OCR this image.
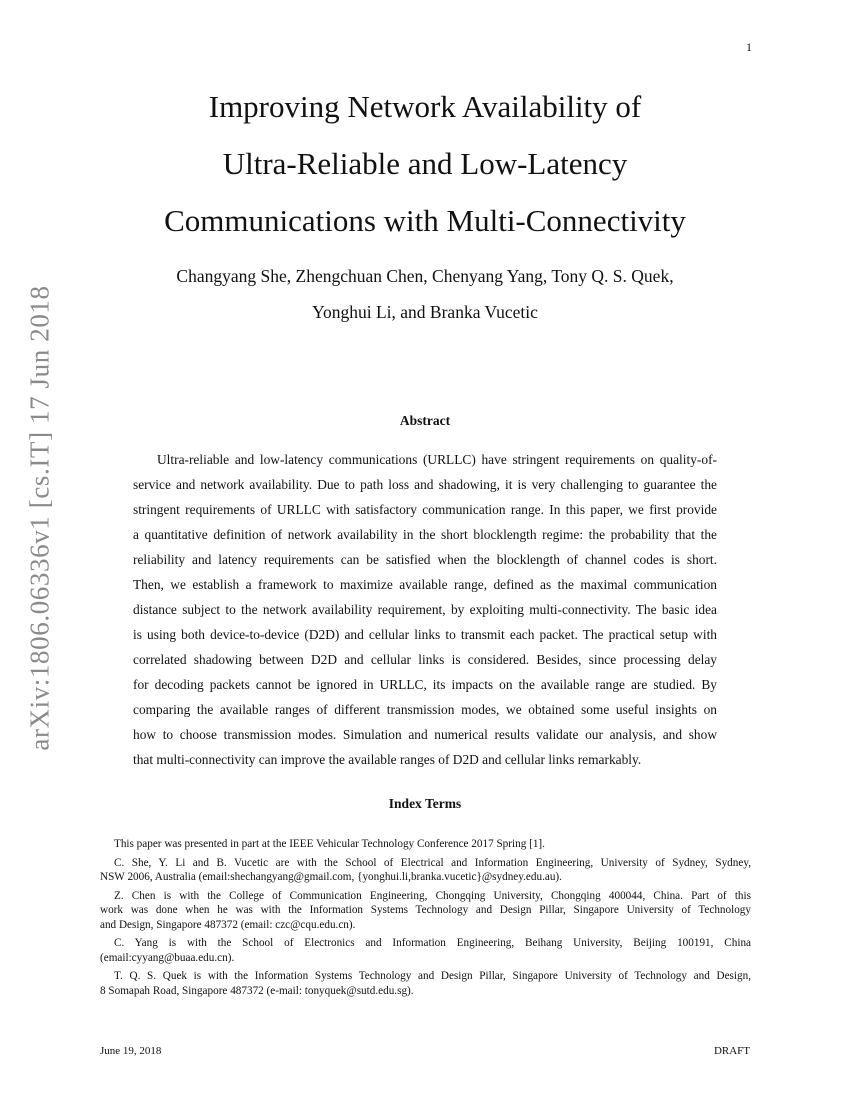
1
arXiv:1806.06336v1 [cs.IT] 17 Jun 2018
Improving Network Availability of
Ultra-Reliable and Low-Latency
Communications with Multi-Connectivity
Changyang She, Zhengchuan Chen, Chenyang Yang, Tony Q. S. Quek,
Yonghui Li, and Branka Vucetic
Abstract
Ultra-reliable and low-latency communications (URLLC) have stringent requirements on quality-of-
service and network availability. Due to path loss and shadowing, it is very challenging to guarantee the
stringent requirements of URLLC with satisfactory communication range. In this paper, we first provide
a quantitative definition of network availability in the short blocklength regime: the probability that the
reliability and latency requirements can be satisfied when the blocklength of channel codes is short.
Then, we establish a framework to maximize available range, defined as the maximal communication
distance subject to the network availability requirement, by exploiting multi-connectivity. The basic idea
is using both device-to-device (D2D) and cellular links to transmit each packet. The practical setup with
correlated shadowing between D2D and cellular links is considered. Besides, since processing delay
for decoding packets cannot be ignored in URLLC, its impacts on the available range are studied. By
comparing the available ranges of different transmission modes, we obtained some useful insights on
how to choose transmission modes. Simulation and numerical results validate our analysis, and show
that multi-connectivity can improve the available ranges of D2D and cellular links remarkably.
Index Terms
This paper was presented in part at the IEEE Vehicular Technology Conference 2017 Spring [1].
C. She, Y. Li and B. Vucetic are with the School of Electrical and Information Engineering, University of Sydney, Sydney,
NSW 2006, Australia (email:shechangyang@gmail.com, {yonghui.li,branka.vucetic}@sydney.edu.au).
Z. Chen is with the College of Communication Engineering, Chongqing University, Chongqing 400044, China. Part of this
work was done when he was with the Information Systems Technology and Design Pillar, Singapore University of Technology
and Design, Singapore 487372 (email: czc@cqu.edu.cn).
C. Yang is with the School of Electronics and Information Engineering, Beihang University, Beijing 100191, China
(email:cyyang@buaa.edu.cn).
T. Q. S. Quek is with the Information Systems Technology and Design Pillar, Singapore University of Technology and Design,
8 Somapah Road, Singapore 487372 (e-mail: tonyquek@sutd.edu.sg).
June 19, 2018	DRAFT
